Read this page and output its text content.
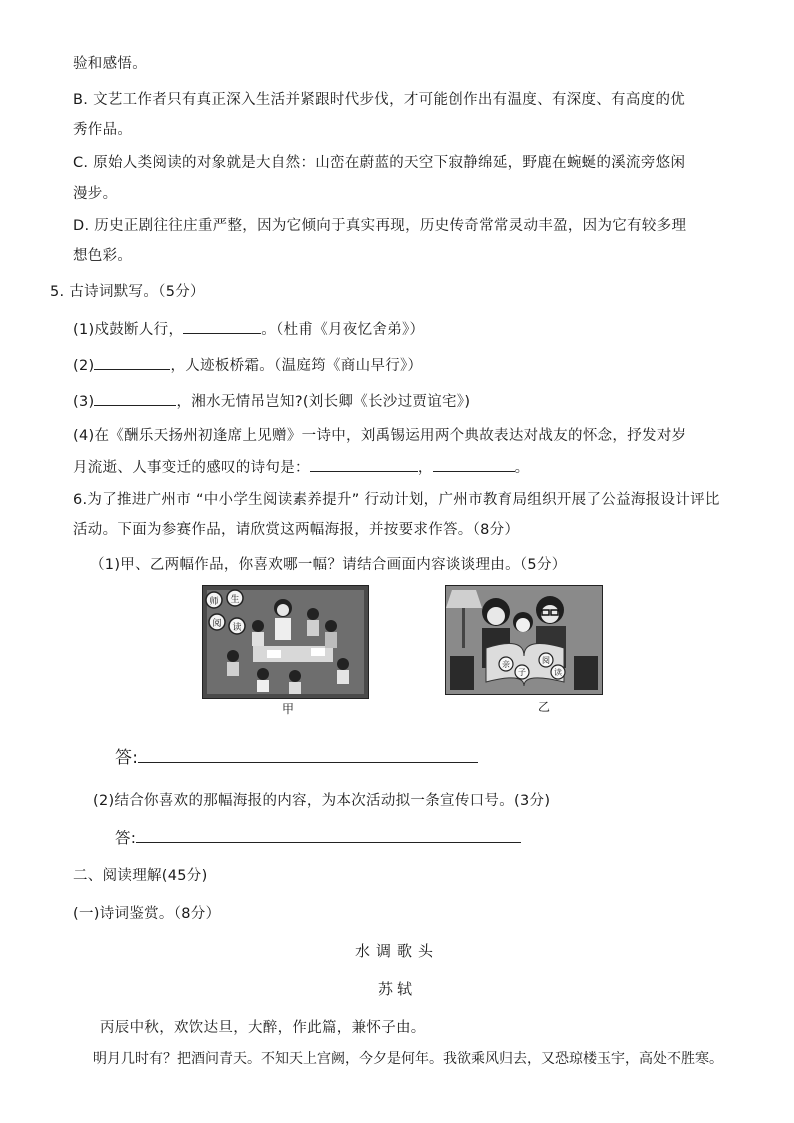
验和感悟。
B. 文艺工作者只有真正深入生活并紧跟时代步伐，才可能创作出有温度、有深度、有高度的优
秀作品。
C. 原始人类阅读的对象就是大自然：山峦在蔚蓝的天空下寂静绵延，野鹿在蜿蜒的溪流旁悠闲
漫步。
D. 历史正剧往往庄重严整，因为它倾向于真实再现，历史传奇常常灵动丰盈，因为它有较多理
想色彩。
5. 古诗词默写。（5分）
(1)戍鼓断人行，	。（杜甫《月夜忆舍弟》）
(2)	，人迹板桥霜。（温庭筠《商山早行》）
(3)	，湘水无情吊岂知?(刘长卿《长沙过贾谊宅》)
(4)在《酬乐天扬州初逢席上见赠》一诗中，刘禹锡运用两个典故表达对战友的怀念，抒发对岁
月流逝、人事变迁的感叹的诗句是：	，	。
6.为了推进广州市 “中小学生阅读素养提升” 行动计划，广州市教育局组织开展了公益海报设计评比
活动。下面为参赛作品，请欣赏这两幅海报，并按要求作答。（8分）
（1)甲、乙两幅作品，你喜欢哪一幅？请结合画面内容谈谈理由。（5分）
师 生
阅 读
甲
亲
子
阅
读
乙
答:
(2)结合你喜欢的那幅海报的内容，为本次活动拟一条宣传口号。(3分)
答:
二、阅读理解(45分)
(一)诗词鉴赏。（8分）
水调歌头
苏轼
丙辰中秋，欢饮达旦，大醉，作此篇，兼怀子由。
明月几时有？把酒问青天。不知天上宫阙，今夕是何年。我欲乘风归去，又恐琼楼玉宇，高处不胜寒。
